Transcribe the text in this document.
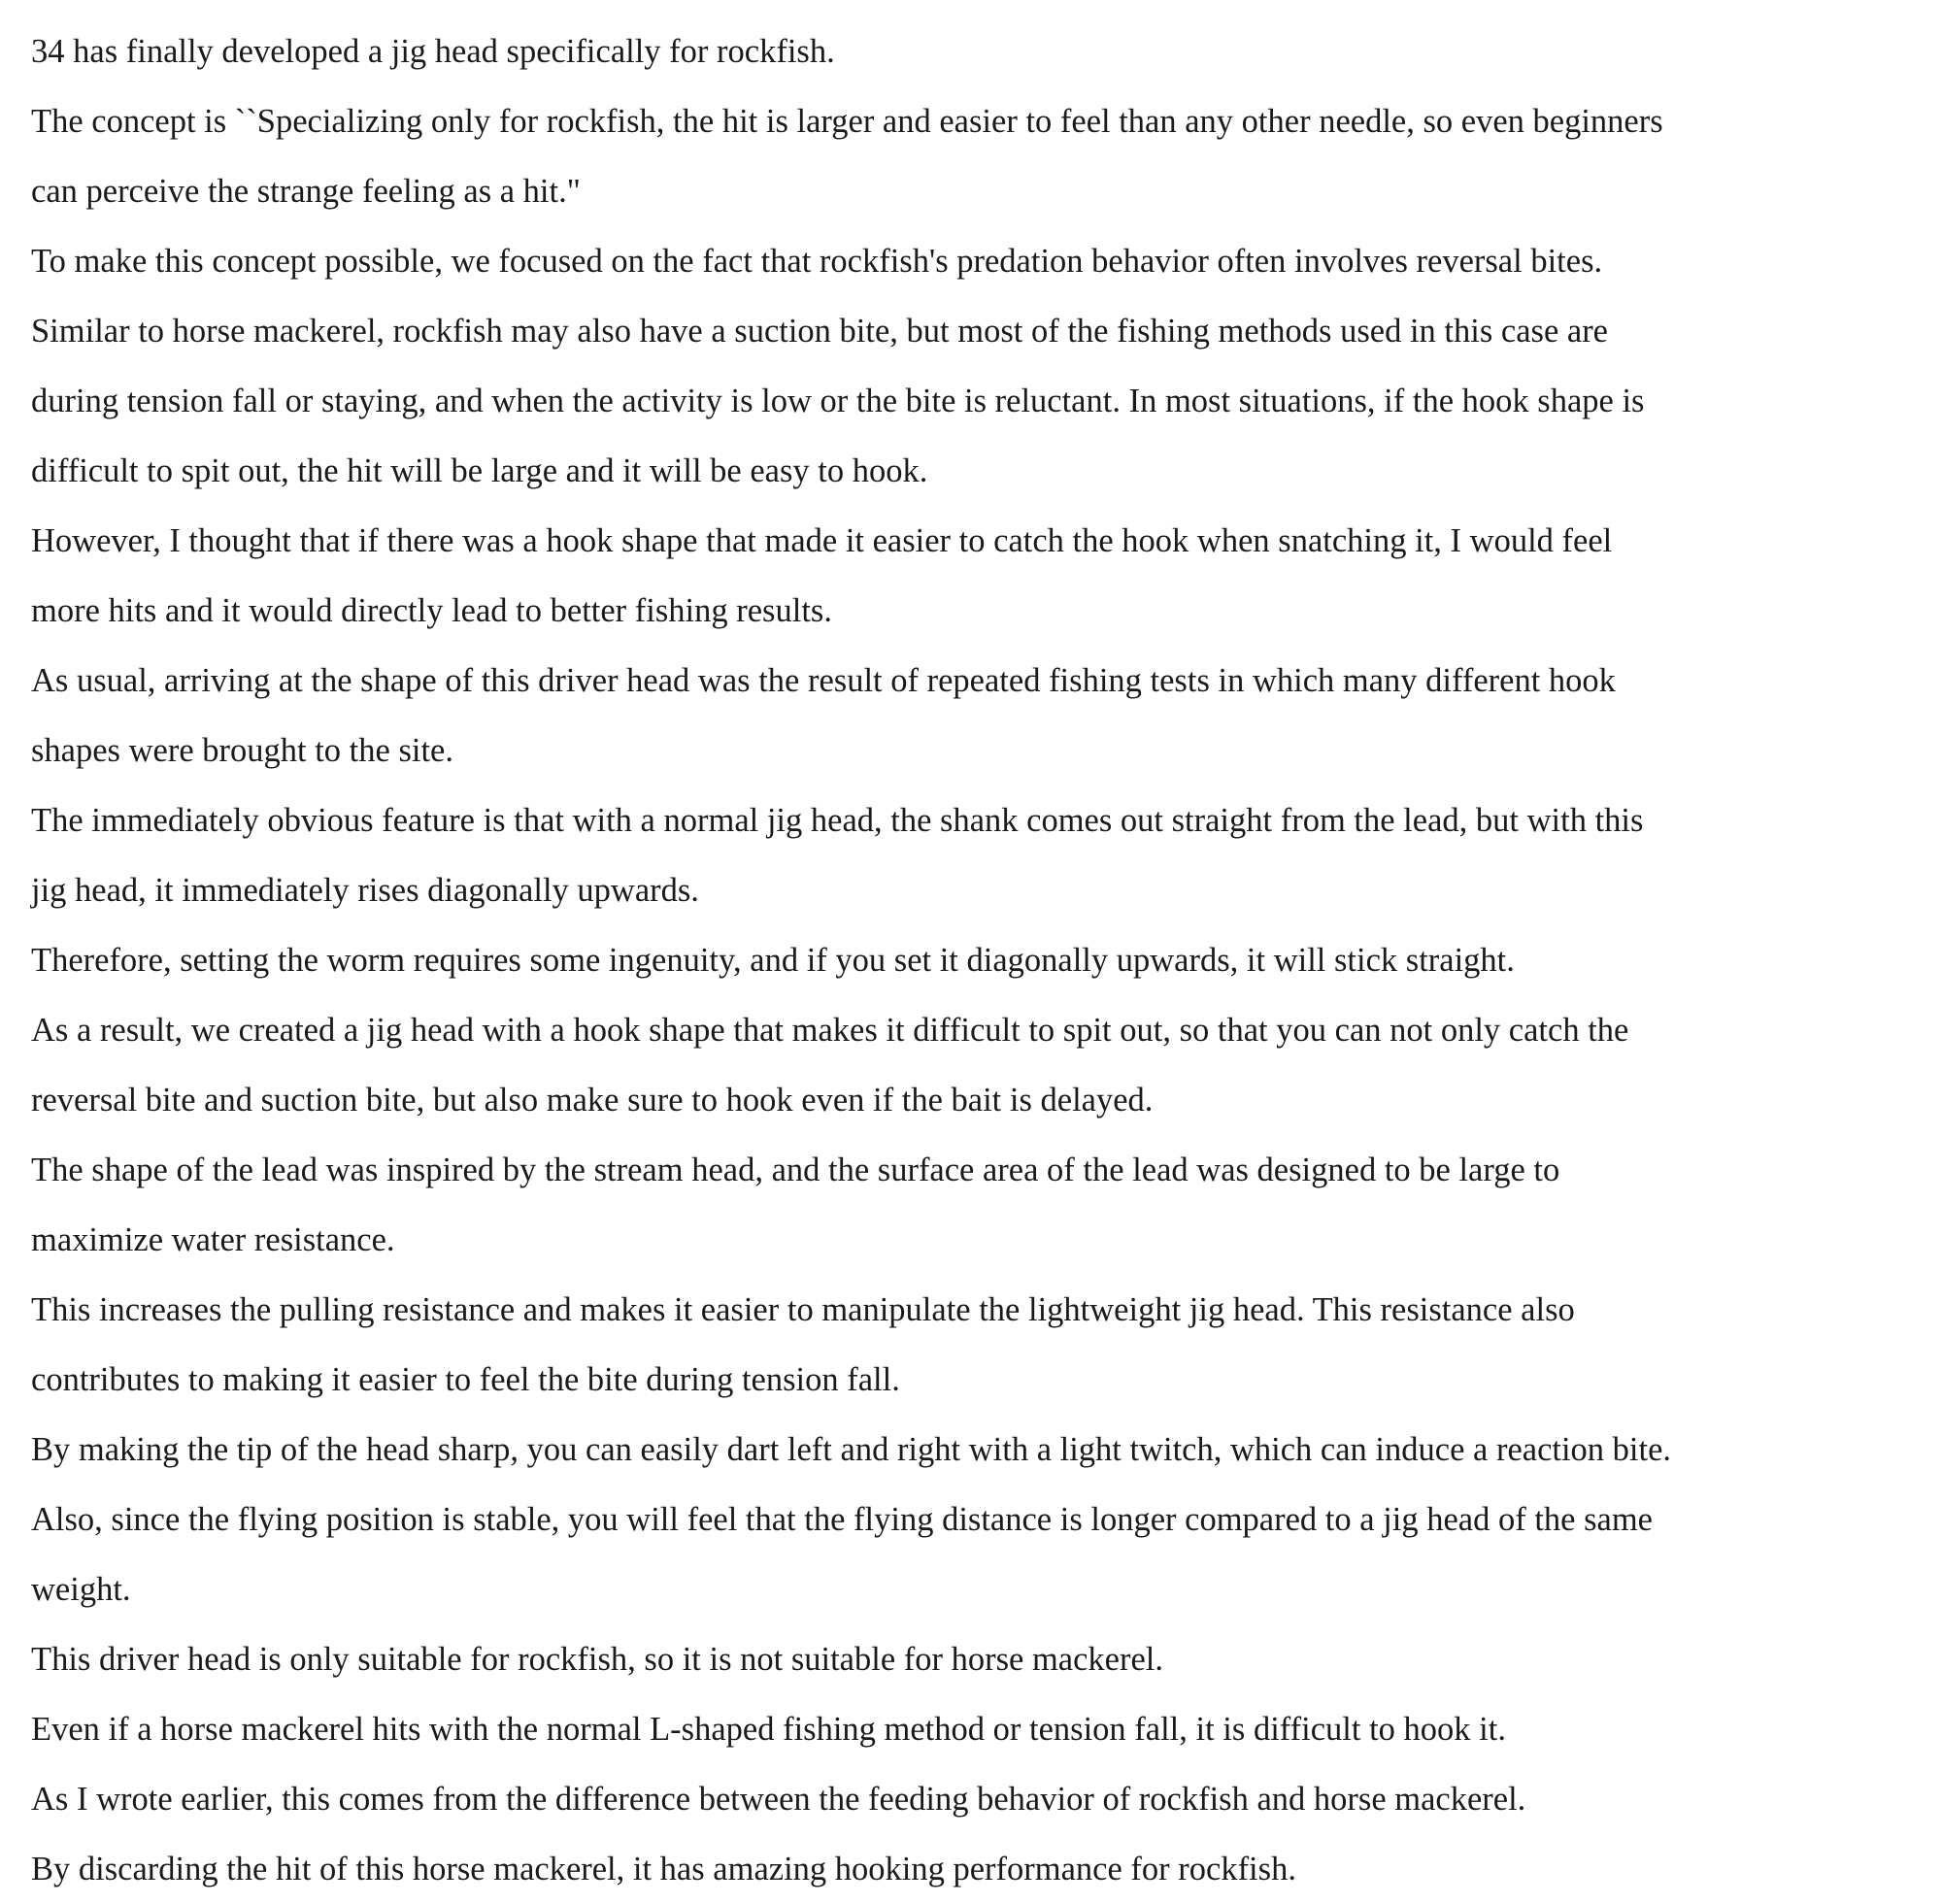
34 has finally developed a jig head specifically for rockfish.

The concept is ``Specializing only for rockfish, the hit is larger and easier to feel than any other needle, so even beginners

can perceive the strange feeling as a hit."

To make this concept possible, we focused on the fact that rockfish's predation behavior often involves reversal bites.

Similar to horse mackerel, rockfish may also have a suction bite, but most of the fishing methods used in this case are

during tension fall or staying, and when the activity is low or the bite is reluctant. In most situations, if the hook shape is

difficult to spit out, the hit will be large and it will be easy to hook.

However, I thought that if there was a hook shape that made it easier to catch the hook when snatching it, I would feel

more hits and it would directly lead to better fishing results.

As usual, arriving at the shape of this driver head was the result of repeated fishing tests in which many different hook

shapes were brought to the site.

The immediately obvious feature is that with a normal jig head, the shank comes out straight from the lead, but with this

jig head, it immediately rises diagonally upwards.

Therefore, setting the worm requires some ingenuity, and if you set it diagonally upwards, it will stick straight.

As a result, we created a jig head with a hook shape that makes it difficult to spit out, so that you can not only catch the

reversal bite and suction bite, but also make sure to hook even if the bait is delayed.

The shape of the lead was inspired by the stream head, and the surface area of the lead was designed to be large to

maximize water resistance.

This increases the pulling resistance and makes it easier to manipulate the lightweight jig head. This resistance also

contributes to making it easier to feel the bite during tension fall.

By making the tip of the head sharp, you can easily dart left and right with a light twitch, which can induce a reaction bite.

Also, since the flying position is stable, you will feel that the flying distance is longer compared to a jig head of the same

weight.

This driver head is only suitable for rockfish, so it is not suitable for horse mackerel.

Even if a horse mackerel hits with the normal L-shaped fishing method or tension fall, it is difficult to hook it.

As I wrote earlier, this comes from the difference between the feeding behavior of rockfish and horse mackerel.

By discarding the hit of this horse mackerel, it has amazing hooking performance for rockfish.
